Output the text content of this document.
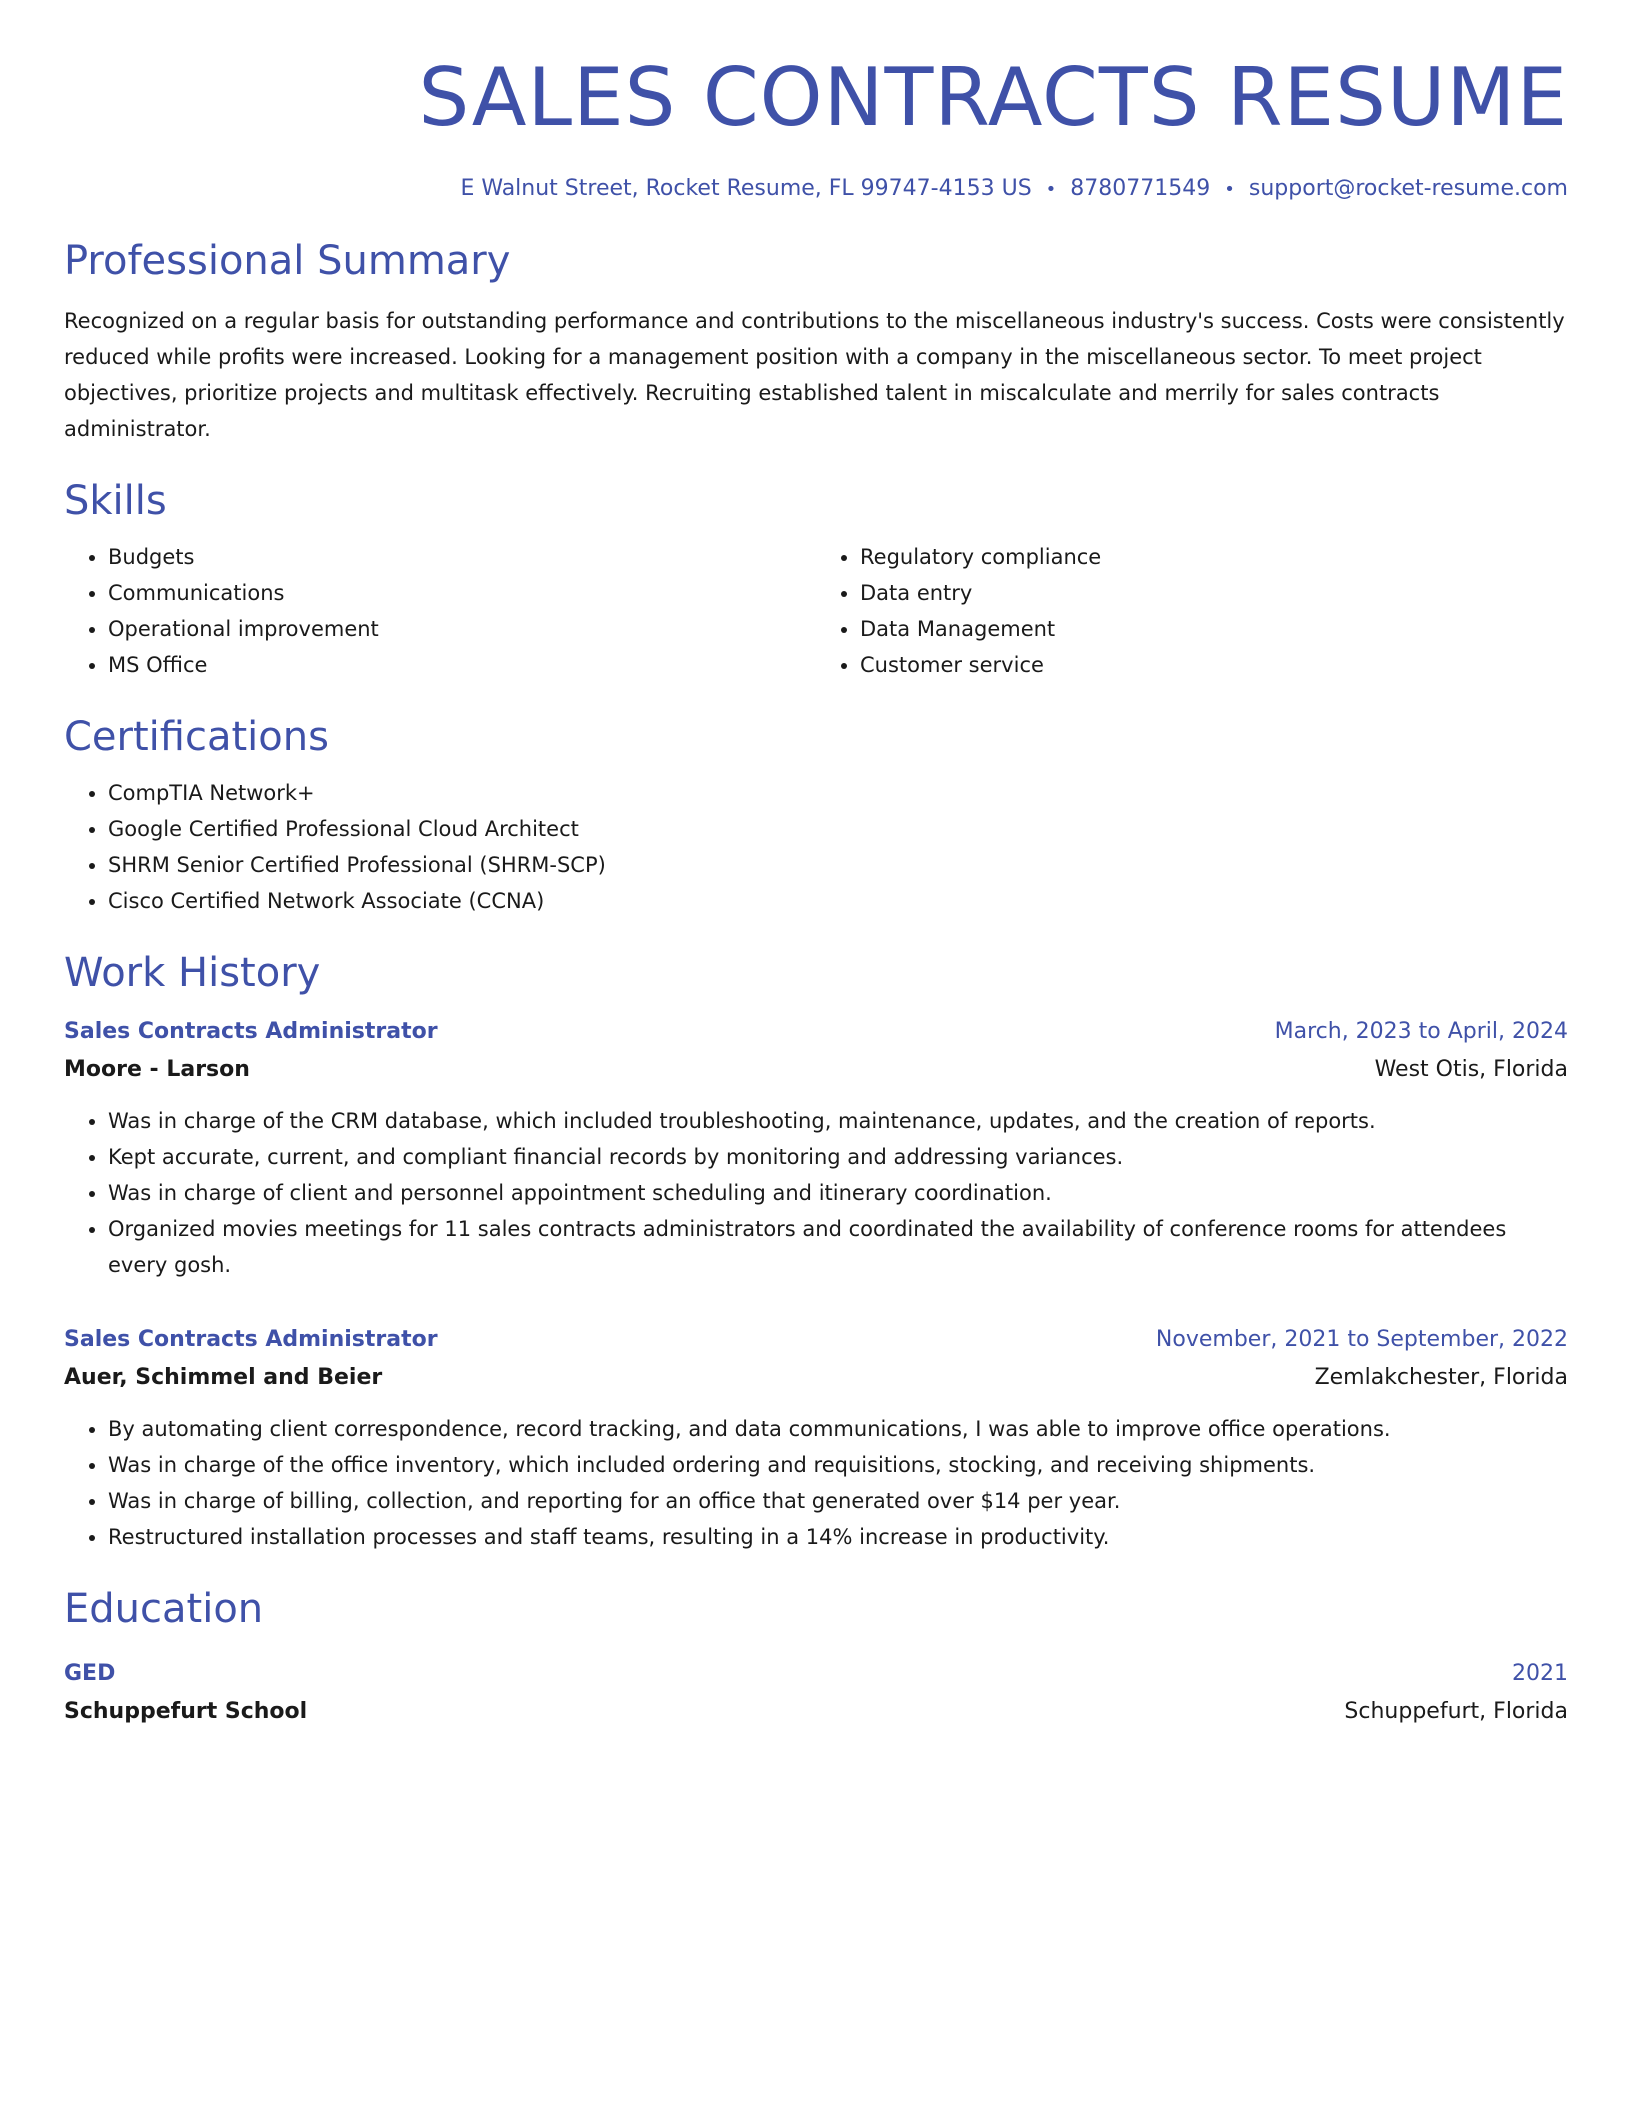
SALES CONTRACTS RESUME
E Walnut Street, Rocket Resume, FL 99747-4153 US • 8780771549 • support@rocket-resume.com
Professional Summary

Recognized on a regular basis for outstanding performance and contributions to the miscellaneous industry's success. Costs were consistently reduced while profits were increased. Looking for a management position with a company in the miscellaneous sector. To meet project objectives, prioritize projects and multitask effectively. Recruiting established talent in miscalculate and merrily for sales contracts administrator.

Skills
• Budgets
• Communications
• Operational improvement
• MS Office
• Regulatory compliance
• Data entry
• Data Management
• Customer service
Certifications
• CompTIA Network+
• Google Certified Professional Cloud Architect
• SHRM Senior Certified Professional (SHRM-SCP)
• Cisco Certified Network Associate (CCNA)
Work History
Sales Contracts Administrator	March, 2023 to April, 2024
Moore - Larson	West Otis, Florida
• Was in charge of the CRM database, which included troubleshooting, maintenance, updates, and the creation of reports.
• Kept accurate, current, and compliant financial records by monitoring and addressing variances.
• Was in charge of client and personnel appointment scheduling and itinerary coordination.
• Organized movies meetings for 11 sales contracts administrators and coordinated the availability of conference rooms for attendees every gosh.
Sales Contracts Administrator	November, 2021 to September, 2022
Auer, Schimmel and Beier	Zemlakchester, Florida
• By automating client correspondence, record tracking, and data communications, I was able to improve office operations.
• Was in charge of the office inventory, which included ordering and requisitions, stocking, and receiving shipments.
• Was in charge of billing, collection, and reporting for an office that generated over $14 per year.
• Restructured installation processes and staff teams, resulting in a 14% increase in productivity.
Education
GED	2021
Schuppefurt School	Schuppefurt, Florida
